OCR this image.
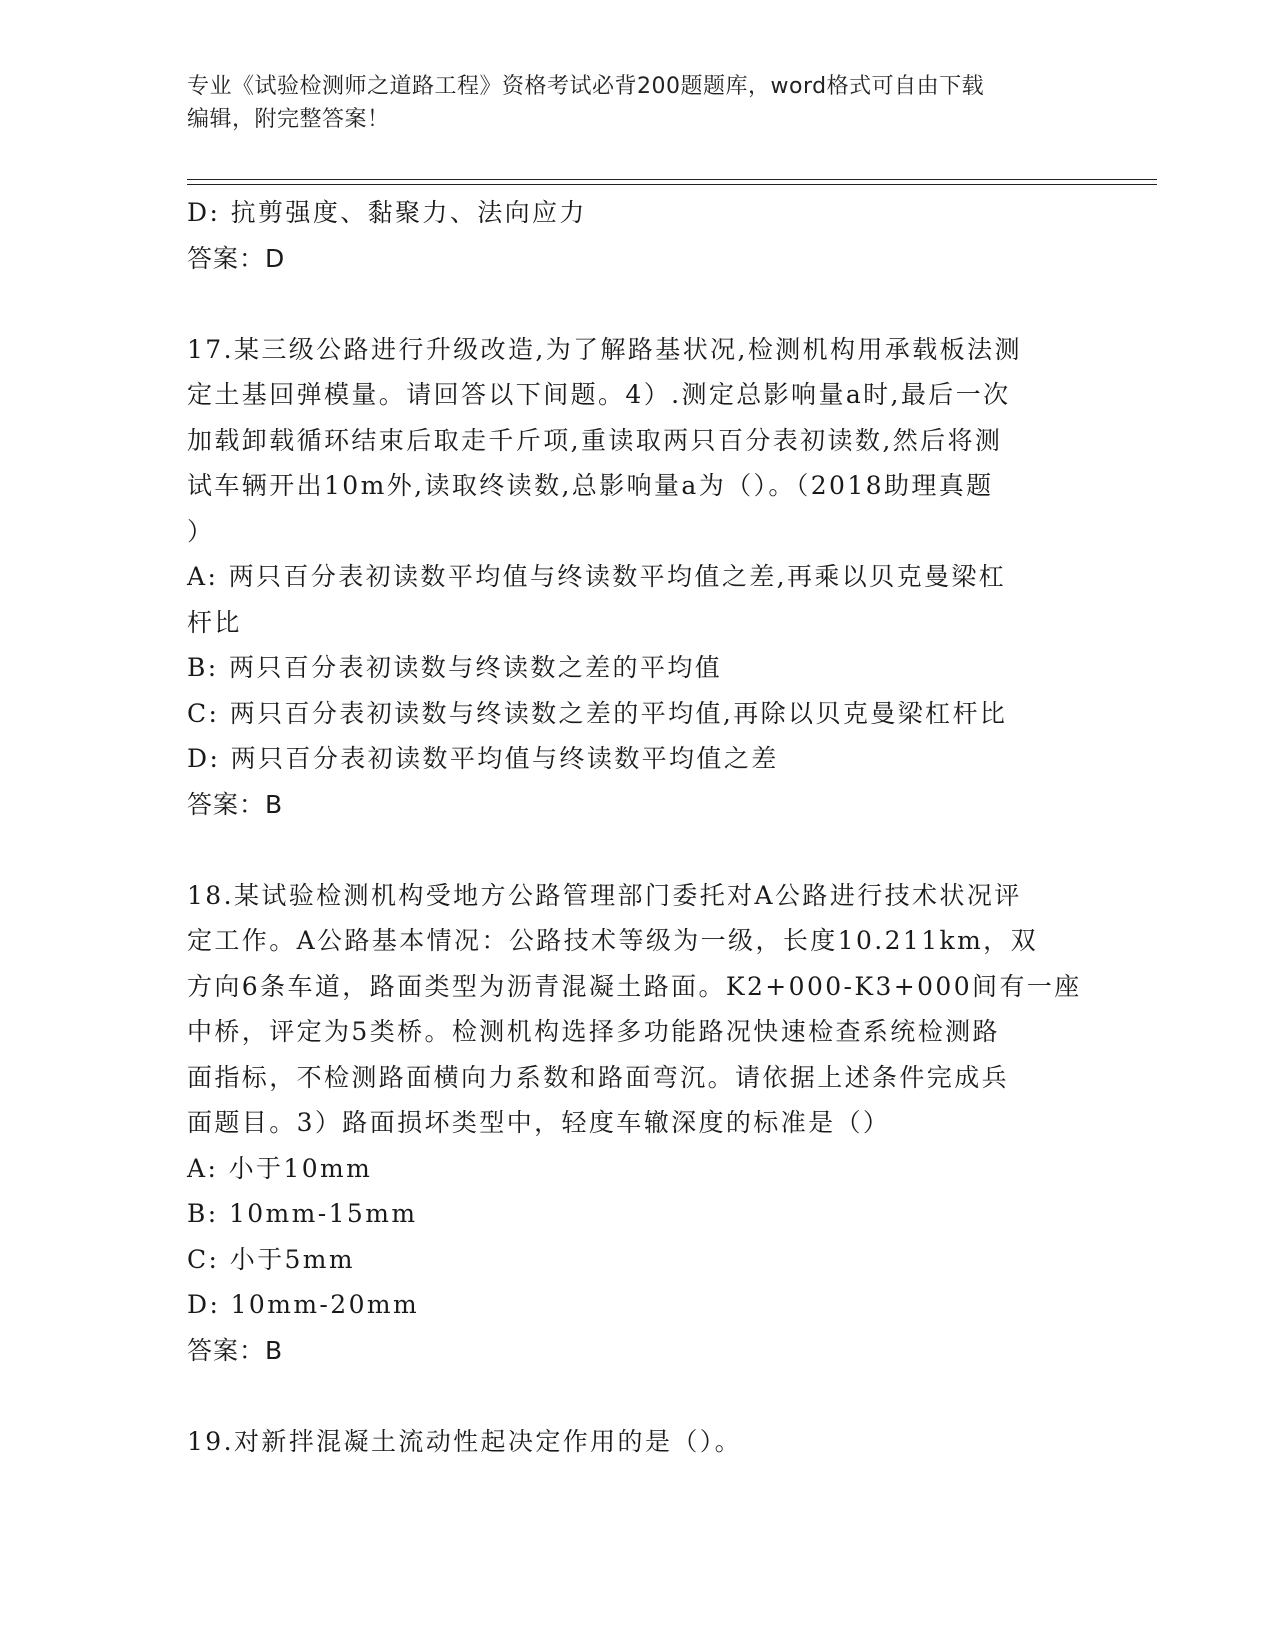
专业《试验检测师之道路工程》资格考试必背200题题库，word格式可自由下载
编辑，附完整答案！
D: 抗剪强度、黏聚力、法向应力
答案：D
17.某三级公路进行升级改造,为了解路基状况,检测机构用承载板法测
定土基回弹模量。请回答以下间题。4）.测定总影响量a时,最后一次
加载卸载循环结束后取走千斤项,重读取两只百分表初读数,然后将测
试车辆开出10m外,读取终读数,总影响量a为（）。（2018助理真题
）
A: 两只百分表初读数平均值与终读数平均值之差,再乘以贝克曼梁杠
杆比
B: 两只百分表初读数与终读数之差的平均值
C: 两只百分表初读数与终读数之差的平均值,再除以贝克曼梁杠杆比
D: 两只百分表初读数平均值与终读数平均值之差
答案：B
18.某试验检测机构受地方公路管理部门委托对A公路进行技术状况评
定工作。A公路基本情况：公路技术等级为一级，长度10.211km，双
方向6条车道，路面类型为沥青混凝土路面。K2+000-K3+000间有一座
中桥，评定为5类桥。检测机构选择多功能路况快速检查系统检测路
面指标，不检测路面横向力系数和路面弯沉。请依据上述条件完成兵
面题目。3）路面损坏类型中，轻度车辙深度的标准是（）
A: 小于10mm
B: 10mm-15mm
C: 小于5mm
D: 10mm-20mm
答案：B
19.对新拌混凝土流动性起决定作用的是（）。
